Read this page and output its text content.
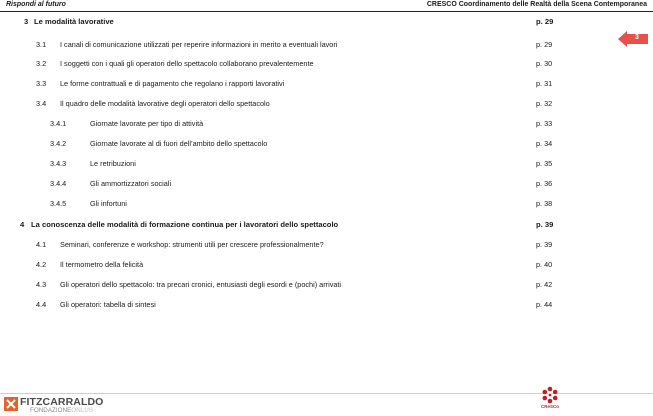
Rispondi al futuro	CRESCO Coordinamento delle Realtà della Scena Contemporanea
3
3 Le modalità lavorative	p. 29
3.1 I canali di comunicazione utilizzati per reperire informazioni in merito a eventuali lavori	p. 29
3.2 I soggetti con i quali gli operatori dello spettacolo collaborano prevalentemente	p. 30
3.3 Le forme contrattuali e di pagamento che regolano i rapporti lavorativi	p. 31
3.4 Il quadro delle modalità lavorative degli operatori dello spettacolo	p. 32
3.4.1	Giornate lavorate per tipo di attività	p. 33
3.4.2	Giornate lavorate al di fuori dell’ambito dello spettacolo	p. 34
3.4.3	Le retribuzioni	p. 35
3.4.4	Gli ammortizzatori sociali	p. 36
3.4.5	Gli infortuni	p. 38
4 La conoscenza delle modalità di formazione continua per i lavoratori dello spettacolo	p. 39
4.1 Seminari, conferenze e workshop: strumenti utili per crescere professionalmente?	p. 39
4.2 Il termometro della felicità	p. 40
4.3 Gli operatori dello spettacolo: tra precari cronici, entusiasti degli esordi e (pochi) arrivati	p. 42
4.4 Gli operatori: tabella di sintesi	p. 44
FITZCARRALDO
FONDAZIONEONLUS
CReSCo
